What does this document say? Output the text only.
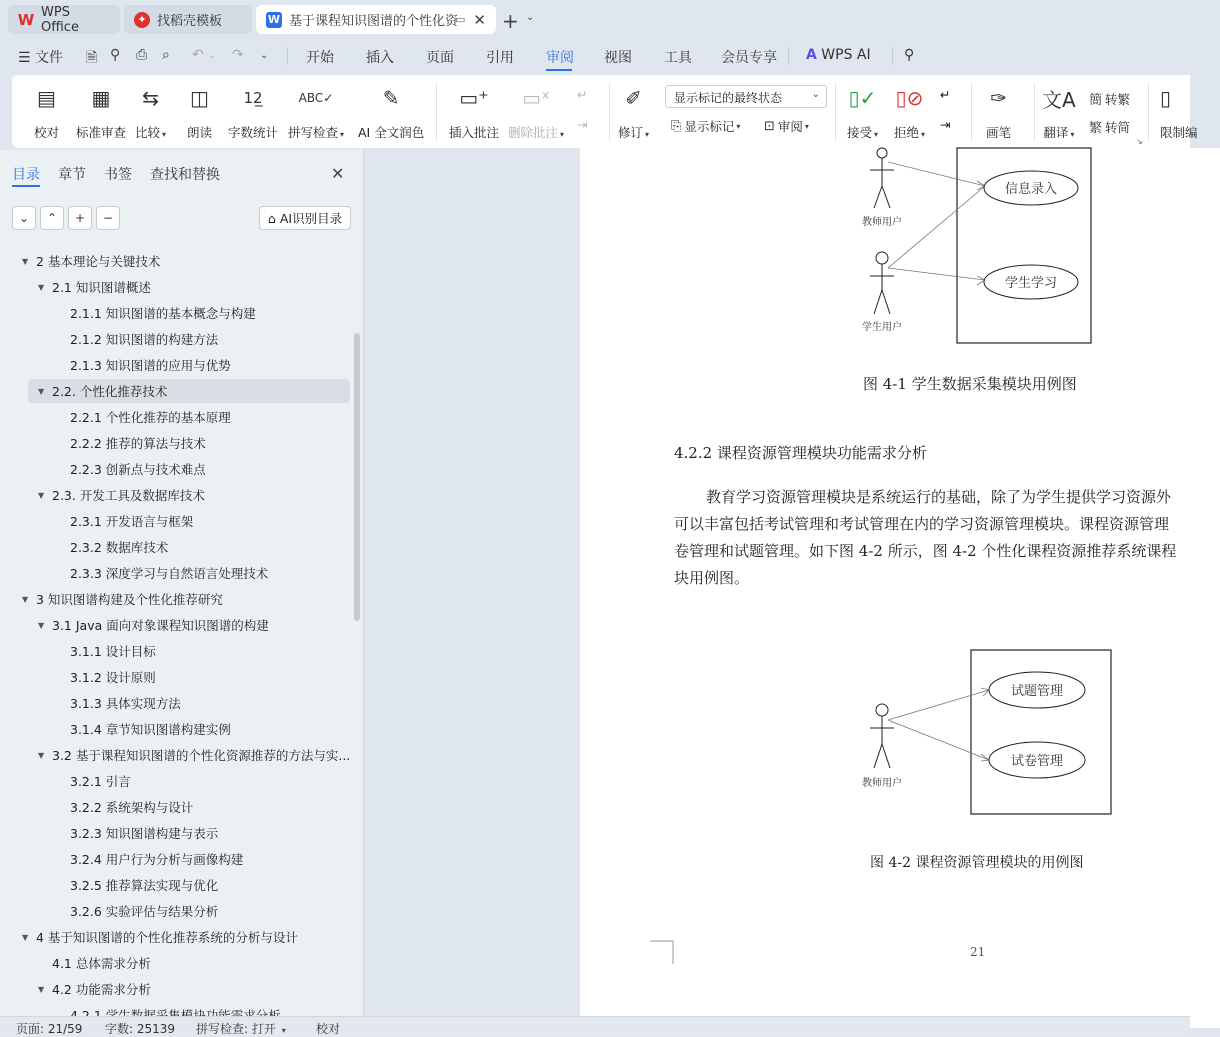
W WPS Office	✦ 找稻壳模板	W 基于课程知识图谱的个性化资
▭ ✕ + ⌄
☰ 文件 🗎 ⚲ ⎙ ⌕ ↶ ⌄ ↷ ⌄	开始 插入 页面 引用 审阅 视图 工具 会员专享 A WPS AI ⚲
▤
校对
▦
标准审查
⇆
比较 ▾
◫
朗读
12̲
字数统计
ABC✓
拼写检查 ▾
✎
AI 全文润色
▭⁺
插入批注
▭ˣ
删除批注 ▾
↵
⇥
✐
修订 ▾
显示标记的最终状态	⌄
⎘ 显示标记 ▾ ⊡ 审阅 ▾
▯✓
接受 ▾
▯⊘
拒绝 ▾
↵
⇥
✑
画笔
文A
翻译 ▾
簡 转繁
繁 转简
↘
▯
限制编
目录 章节 书签 查找和替换	✕
⌄	⌃	+	−	⌂ AI识别目录
▼ 2 基本理论与关键技术
▼ 2.1 知识图谱概述
2.1.1 知识图谱的基本概念与构建
2.1.2 知识图谱的构建方法
2.1.3 知识图谱的应用与优势
▼ 2.2. 个性化推荐技术
2.2.1 个性化推荐的基本原理
2.2.2 推荐的算法与技术
2.2.3 创新点与技术难点
▼ 2.3. 开发工具及数据库技术
2.3.1 开发语言与框架
2.3.2 数据库技术
2.3.3 深度学习与自然语言处理技术
▼ 3 知识图谱构建及个性化推荐研究
▼ 3.1 Java 面向对象课程知识图谱的构建
3.1.1 设计目标
3.1.2 设计原则
3.1.3 具体实现方法
3.1.4 章节知识图谱构建实例
▼ 3.2 基于课程知识图谱的个性化资源推荐的方法与实...
3.2.1 引言
3.2.2 系统架构与设计
3.2.3 知识图谱构建与表示
3.2.4 用户行为分析与画像构建
3.2.5 推荐算法实现与优化
3.2.6 实验评估与结果分析
▼ 4 基于知识图谱的个性化推荐系统的分析与设计
4.1 总体需求分析
▼ 4.2 功能需求分析
教师用户
学生用户
信息录入
学生学习
图 4-1 学生数据采集模块用例图
4.2.2 课程资源管理模块功能需求分析
教育学习资源管理模块是系统运行的基础，除了为学生提供学习资源外
可以丰富包括考试管理和考试管理在内的学习资源管理模块。课程资源管理
卷管理和试题管理。如下图 4-2 所示，图 4-2 个性化课程资源推荐系统课程
块用例图。
教师用户
试题管理
试卷管理
图 4-2 课程资源管理模块的用例图
21
页面: 21/59 字数: 25139 拼写检查: 打开 ▾	校对
